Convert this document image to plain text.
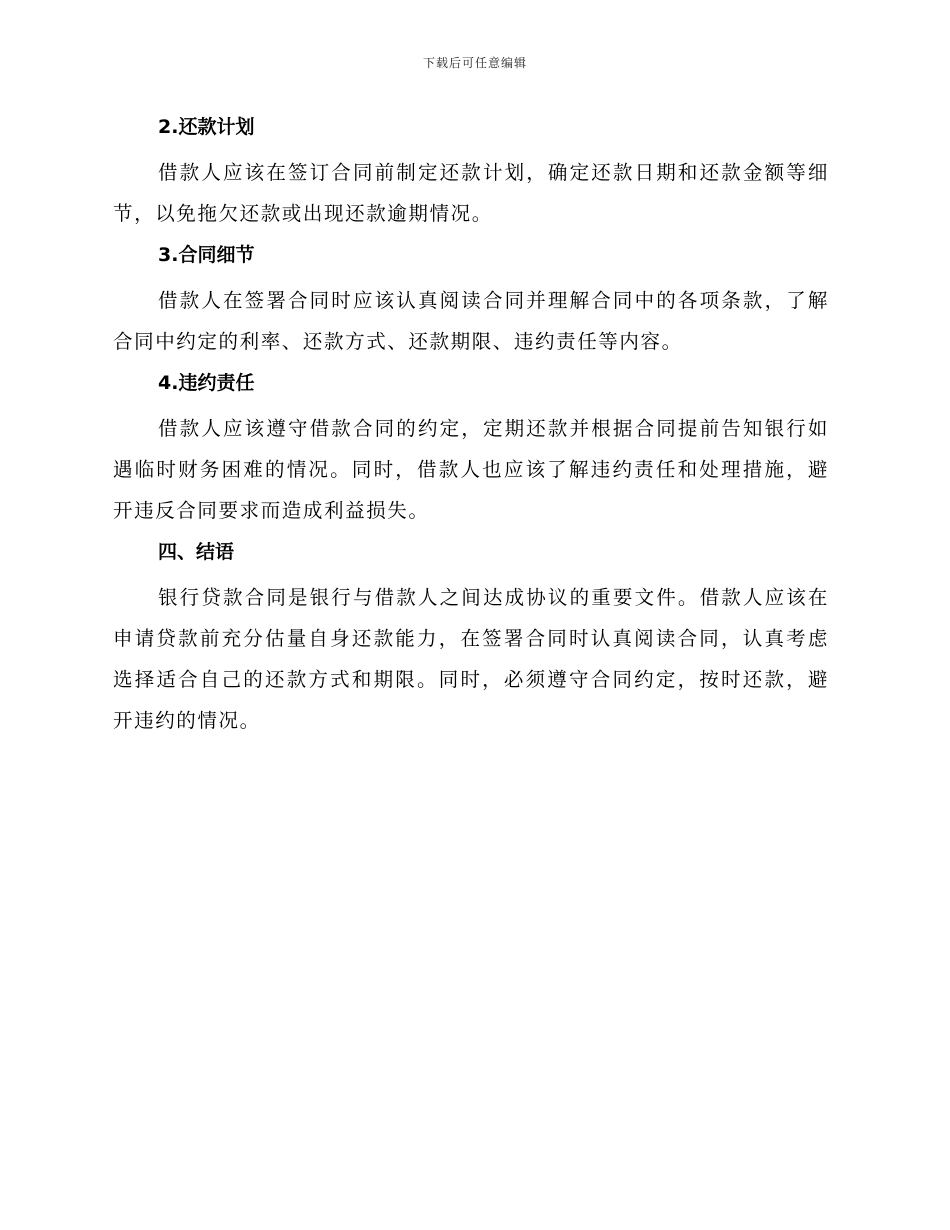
下载后可任意编辑
2.还款计划

借款人应该在签订合同前制定还款计划，确定还款日期和还款金额等细节，以免拖欠还款或出现还款逾期情况。

3.合同细节

借款人在签署合同时应该认真阅读合同并理解合同中的各项条款，了解合同中约定的利率、还款方式、还款期限、违约责任等内容。

4.违约责任

借款人应该遵守借款合同的约定，定期还款并根据合同提前告知银行如遇临时财务困难的情况。同时，借款人也应该了解违约责任和处理措施，避开违反合同要求而造成利益损失。

四、结语

银行贷款合同是银行与借款人之间达成协议的重要文件。借款人应该在申请贷款前充分估量自身还款能力，在签署合同时认真阅读合同，认真考虑选择适合自己的还款方式和期限。同时，必须遵守合同约定，按时还款，避开违约的情况。
